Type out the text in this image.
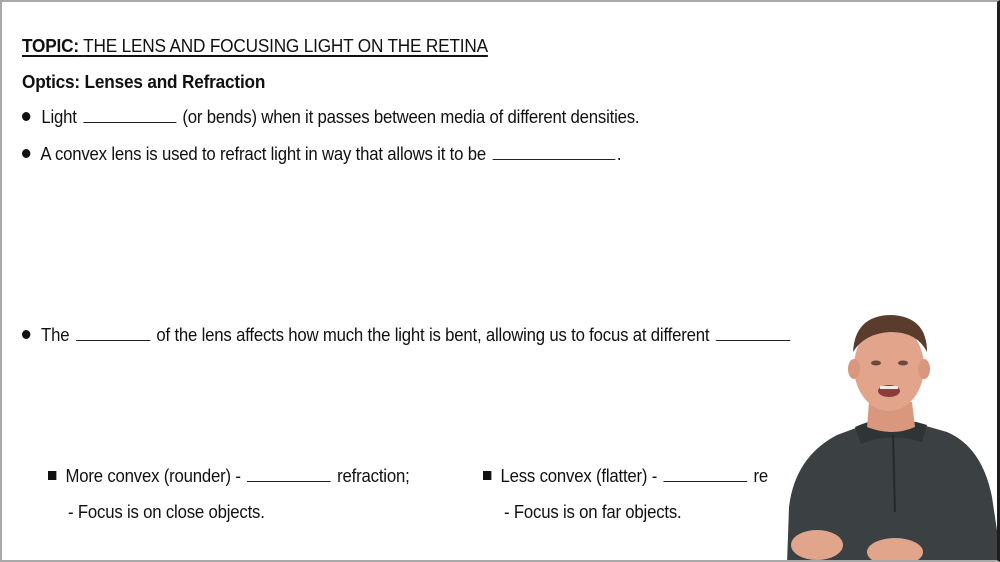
TOPIC: THE LENS AND FOCUSING LIGHT ON THE RETINA
Optics: Lenses and Refraction
Light	(or bends) when it passes between media of different densities.
A convex lens is used to refract light in way that allows it to be	.
The	of the lens affects how much the light is bent, allowing us to focus at different
More convex (rounder) -	refraction;
- Focus is on close objects.
Less convex (flatter) -	re
- Focus is on far objects.
